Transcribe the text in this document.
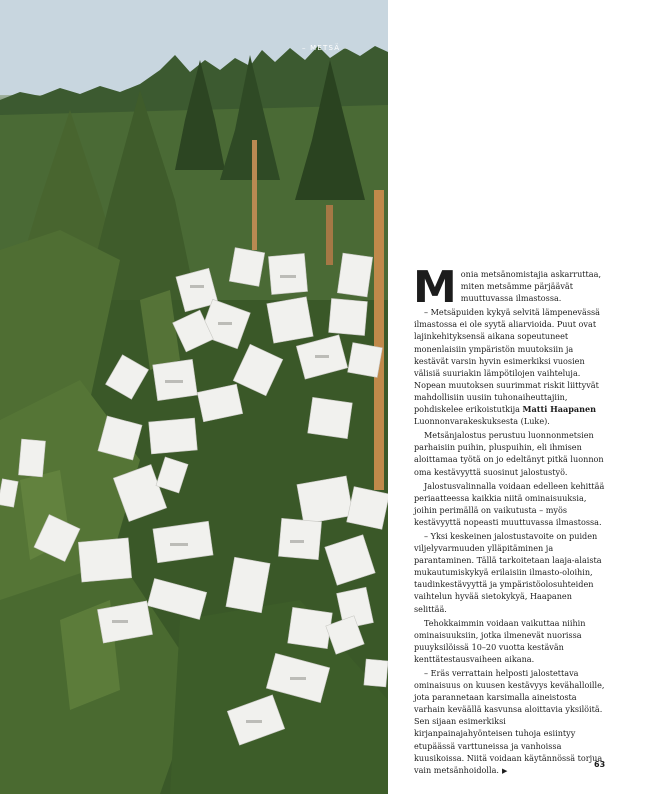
– METSÄ –

Monia metsänomistajia askarruttaa, miten metsämme pärjäävät muuttuvassa ilmastossa.

– Metsäpuiden kykyä selvitä lämpenevässä ilmastossa ei ole syytä aliarvioida. Puut ovat lajinkehityksensä aikana sopeutuneet monenlaisiin ympäristön muutoksiin ja kestävät varsin hyvin esimerkiksi vuosien välisiä suuriakin lämpötilojen vaihteluja. Nopean muutoksen suurimmat riskit liittyvät mahdollisiin uusiin tuhonaiheuttajiin, pohdiskelee erikoistutkija Matti Haapanen Luonnonvarakeskuksesta (Luke).

Metsänjalostus perustuu luonnonmetsien parhaisiin puihin, pluspuihin, eli ihmisen aloittamaa työtä on jo edeltänyt pitkä luonnon oma kestävyyttä suosinut jalostustyö.

Jalostusvalinnalla voidaan edelleen kehittää periaatteessa kaikkia niitä ominaisuuksia, joihin perimällä on vaikutusta – myös kestävyyttä nopeasti muuttuvassa ilmastossa.

– Yksi keskeinen jalostustavoite on puiden viljelyvarmuuden ylläpitäminen ja parantaminen. Tällä tarkoitetaan laaja-alaista mukautumiskykyä erilaisiin ilmasto-oloihin, taudinkestävyyttä ja ympäristöolosuhteiden vaihtelun hyvää sietokykyä, Haapanen selittää.

Tehokkaimmin voidaan vaikuttaa niihin ominaisuuksiin, jotka ilmenevät nuorissa puuyksilöissä 10–20 vuotta kestävän kenttätestausvaiheen aikana.

– Eräs verrattain helposti jalostettava ominaisuus on kuusen kestävyys kevähalloille, jota parannetaan karsimalla aineistosta varhain keväällä kasvunsa aloittavia yksilöitä. Sen sijaan esimerkiksi kirjanpainajahyönteisen tuhoja esiintyy etupäässä varttuneissa ja vanhoissa kuusikoissa. Niitä voidaan käytännössä torjua vain metsänhoidolla. ▶

63
